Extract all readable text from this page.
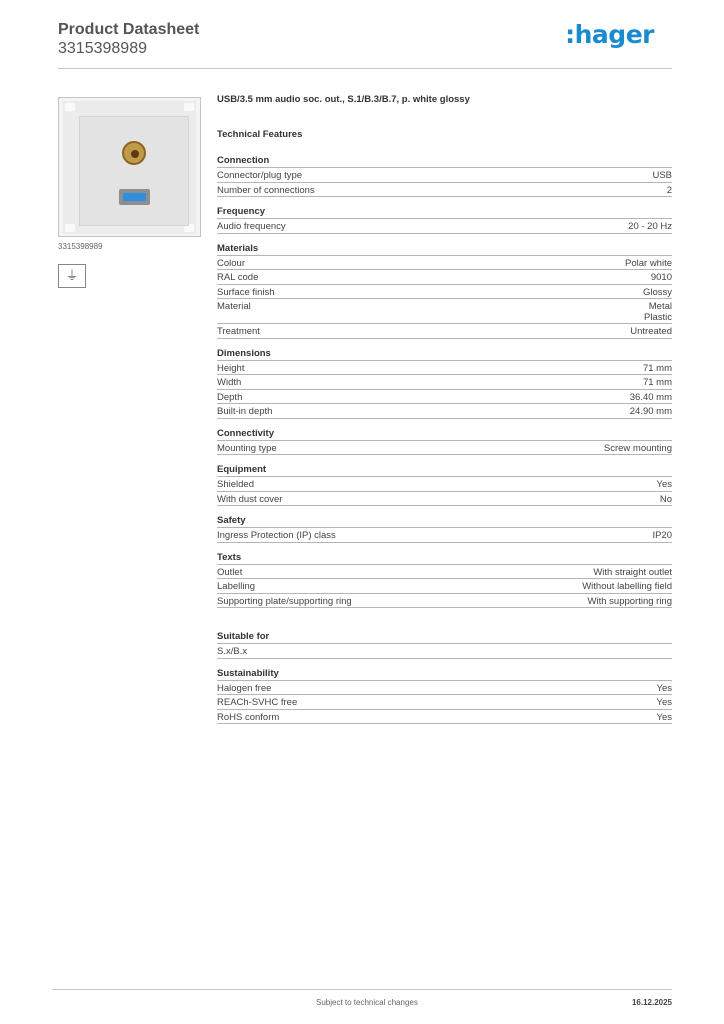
Product Datasheet
3315398989	:hager
3315398989
⏚
USB/3.5 mm audio soc. out., S.1/B.3/B.7, p. white glossy
Technical Features
Connection
Connector/plug type	USB
Number of connections	2
Frequency
Audio frequency	20 - 20 Hz
Materials
Colour	Polar white
RAL code	9010
Surface finish	Glossy
Material	Metal
Plastic
Treatment	Untreated
Dimensions
Height	71 mm
Width	71 mm
Depth	36.40 mm
Built-in depth	24.90 mm
Connectivity
Mounting type	Screw mounting
Equipment
Shielded	Yes
With dust cover	No
Safety
Ingress Protection (IP) class	IP20
Texts
Outlet	With straight outlet
Labelling	Without labelling field
Supporting plate/supporting ring	With supporting ring
Suitable for
S.x/B.x
Sustainability
Halogen free	Yes
REACh-SVHC free	Yes
RoHS conform	Yes
Subject to technical changes	16.12.2025
